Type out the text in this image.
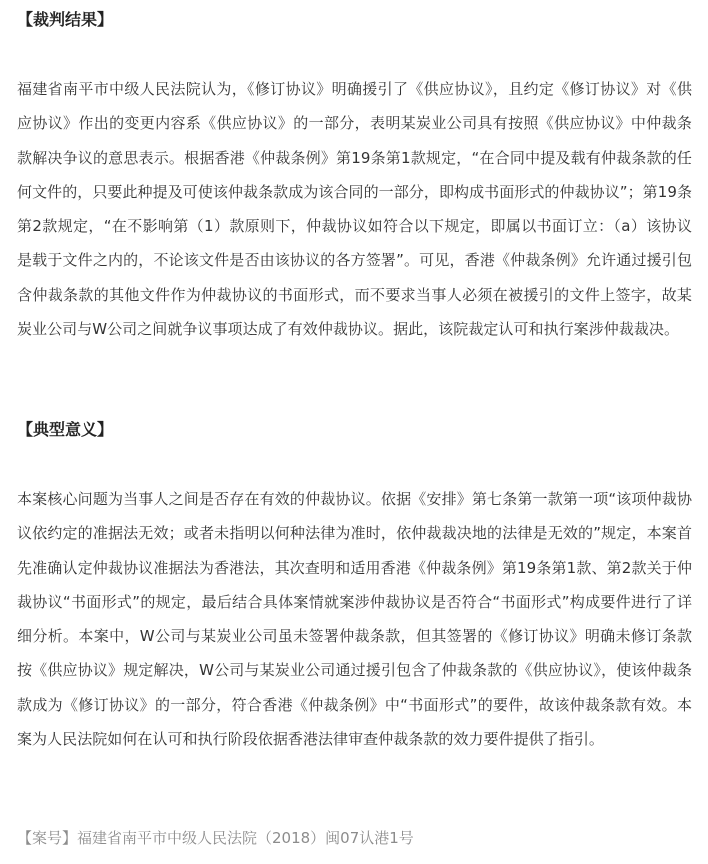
【裁判结果】

福建省南平市中级人民法院认为，《修订协议》明确援引了《供应协议》，且约定《修订协议》对《供应协议》作出的变更内容系《供应协议》的一部分，表明某炭业公司具有按照《供应协议》中仲裁条款解决争议的意思表示。根据香港《仲裁条例》第19条第1款规定，“在合同中提及载有仲裁条款的任何文件的，只要此种提及可使该仲裁条款成为该合同的一部分，即构成书面形式的仲裁协议”；第19条第2款规定，“在不影响第（1）款原则下，仲裁协议如符合以下规定，即属以书面订立：（a）该协议是载于文件之内的，不论该文件是否由该协议的各方签署”。可见，香港《仲裁条例》允许通过援引包含仲裁条款的其他文件作为仲裁协议的书面形式，而不要求当事人必须在被援引的文件上签字，故某炭业公司与W公司之间就争议事项达成了有效仲裁协议。据此，该院裁定认可和执行案涉仲裁裁决。

【典型意义】

本案核心问题为当事人之间是否存在有效的仲裁协议。依据《安排》第七条第一款第一项“该项仲裁协议依约定的准据法无效；或者未指明以何种法律为准时，依仲裁裁决地的法律是无效的”规定，本案首先准确认定仲裁协议准据法为香港法，其次查明和适用香港《仲裁条例》第19条第1款、第2款关于仲裁协议“书面形式”的规定，最后结合具体案情就案涉仲裁协议是否符合“书面形式”构成要件进行了详细分析。本案中，W公司与某炭业公司虽未签署仲裁条款，但其签署的《修订协议》明确未修订条款按《供应协议》规定解决，W公司与某炭业公司通过援引包含了仲裁条款的《供应协议》，使该仲裁条款成为《修订协议》的一部分，符合香港《仲裁条例》中“书面形式”的要件，故该仲裁条款有效。本案为人民法院如何在认可和执行阶段依据香港法律审查仲裁条款的效力要件提供了指引。

【案号】福建省南平市中级人民法院（2018）闽07认港1号
